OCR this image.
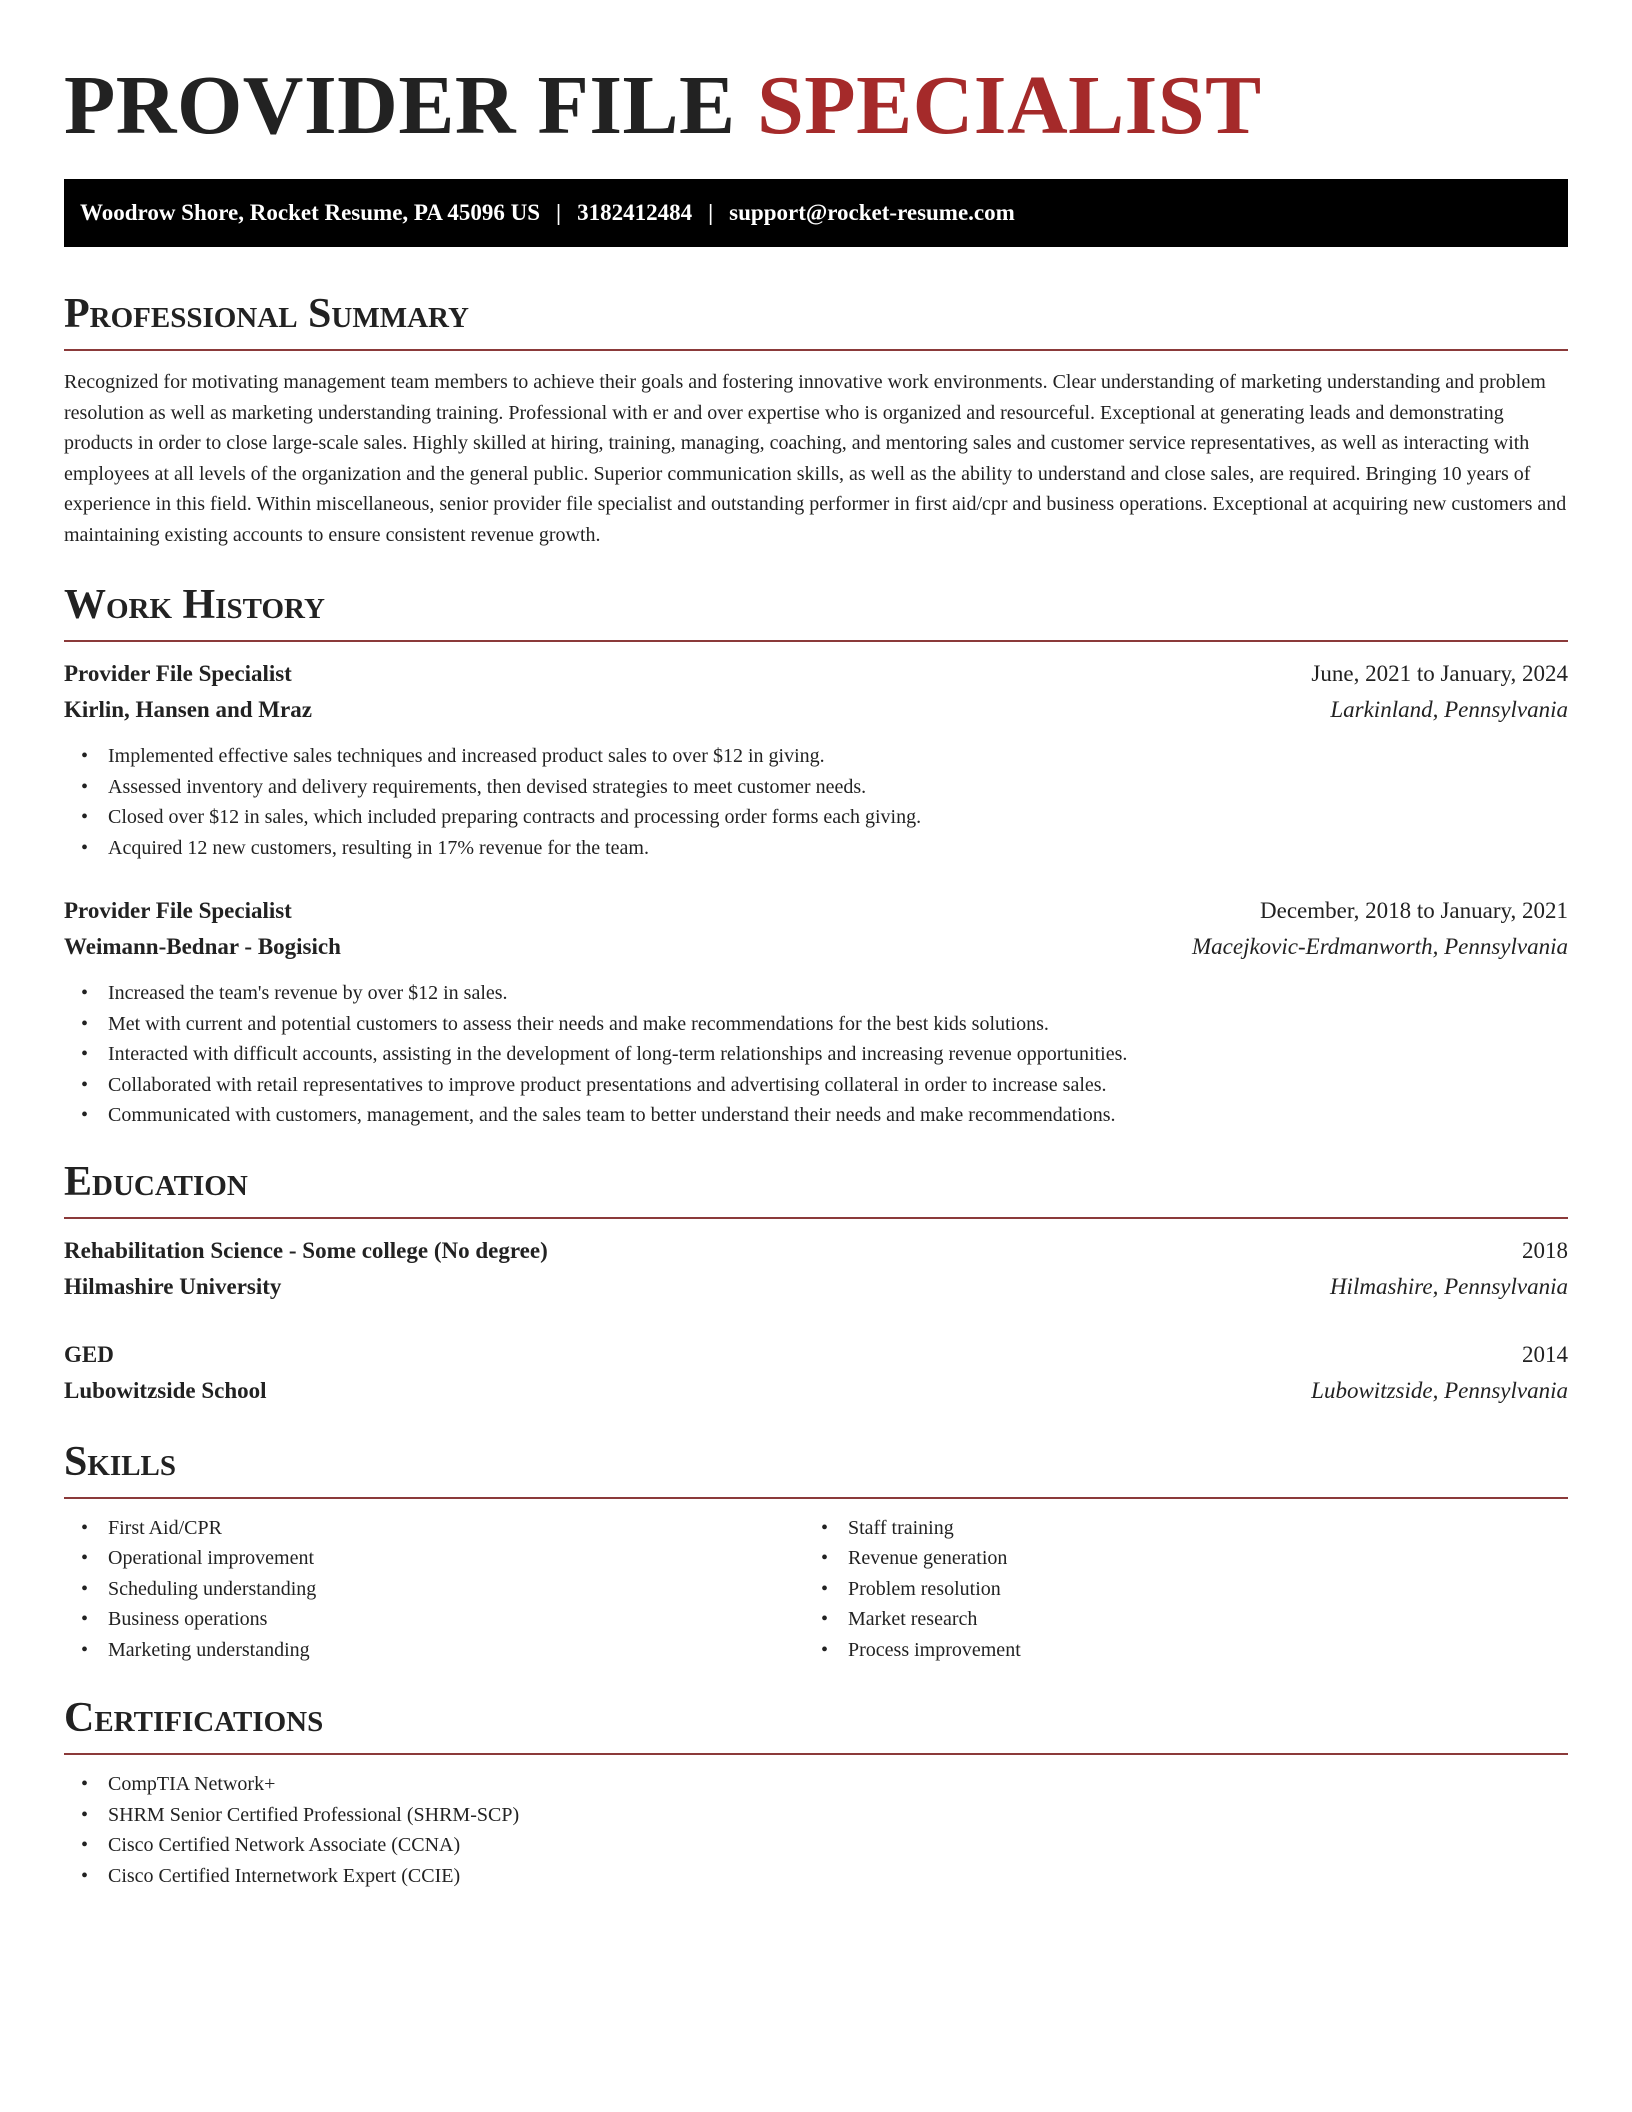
PROVIDER FILE SPECIALIST
Woodrow Shore, Rocket Resume, PA 45096 US | 3182412484 | support@rocket-resume.com
Professional Summary

Recognized for motivating management team members to achieve their goals and fostering innovative work environments. Clear understanding of marketing understanding and problem resolution as well as marketing understanding training. Professional with er and over expertise who is organized and resourceful. Exceptional at generating leads and demonstrating products in order to close large-scale sales. Highly skilled at hiring, training, managing, coaching, and mentoring sales and customer service representatives, as well as interacting with employees at all levels of the organization and the general public. Superior communication skills, as well as the ability to understand and close sales, are required. Bringing 10 years of experience in this field. Within miscellaneous, senior provider file specialist and outstanding performer in first aid/cpr and business operations. Exceptional at acquiring new customers and maintaining existing accounts to ensure consistent revenue growth.

Work History
Provider File Specialist	June, 2021 to January, 2024
Kirlin, Hansen and Mraz	Larkinland, Pennsylvania
• Implemented effective sales techniques and increased product sales to over $12 in giving.
• Assessed inventory and delivery requirements, then devised strategies to meet customer needs.
• Closed over $12 in sales, which included preparing contracts and processing order forms each giving.
• Acquired 12 new customers, resulting in 17% revenue for the team.
Provider File Specialist	December, 2018 to January, 2021
Weimann-Bednar - Bogisich	Macejkovic-Erdmanworth, Pennsylvania
• Increased the team's revenue by over $12 in sales.
• Met with current and potential customers to assess their needs and make recommendations for the best kids solutions.
• Interacted with difficult accounts, assisting in the development of long-term relationships and increasing revenue opportunities.
• Collaborated with retail representatives to improve product presentations and advertising collateral in order to increase sales.
• Communicated with customers, management, and the sales team to better understand their needs and make recommendations.
Education
Rehabilitation Science - Some college (No degree)	2018
Hilmashire University	Hilmashire, Pennsylvania
GED	2014
Lubowitzside School	Lubowitzside, Pennsylvania
Skills
• First Aid/CPR
• Operational improvement
• Scheduling understanding
• Business operations
• Marketing understanding
• Staff training
• Revenue generation
• Problem resolution
• Market research
• Process improvement
Certifications
• CompTIA Network+
• SHRM Senior Certified Professional (SHRM-SCP)
• Cisco Certified Network Associate (CCNA)
• Cisco Certified Internetwork Expert (CCIE)
